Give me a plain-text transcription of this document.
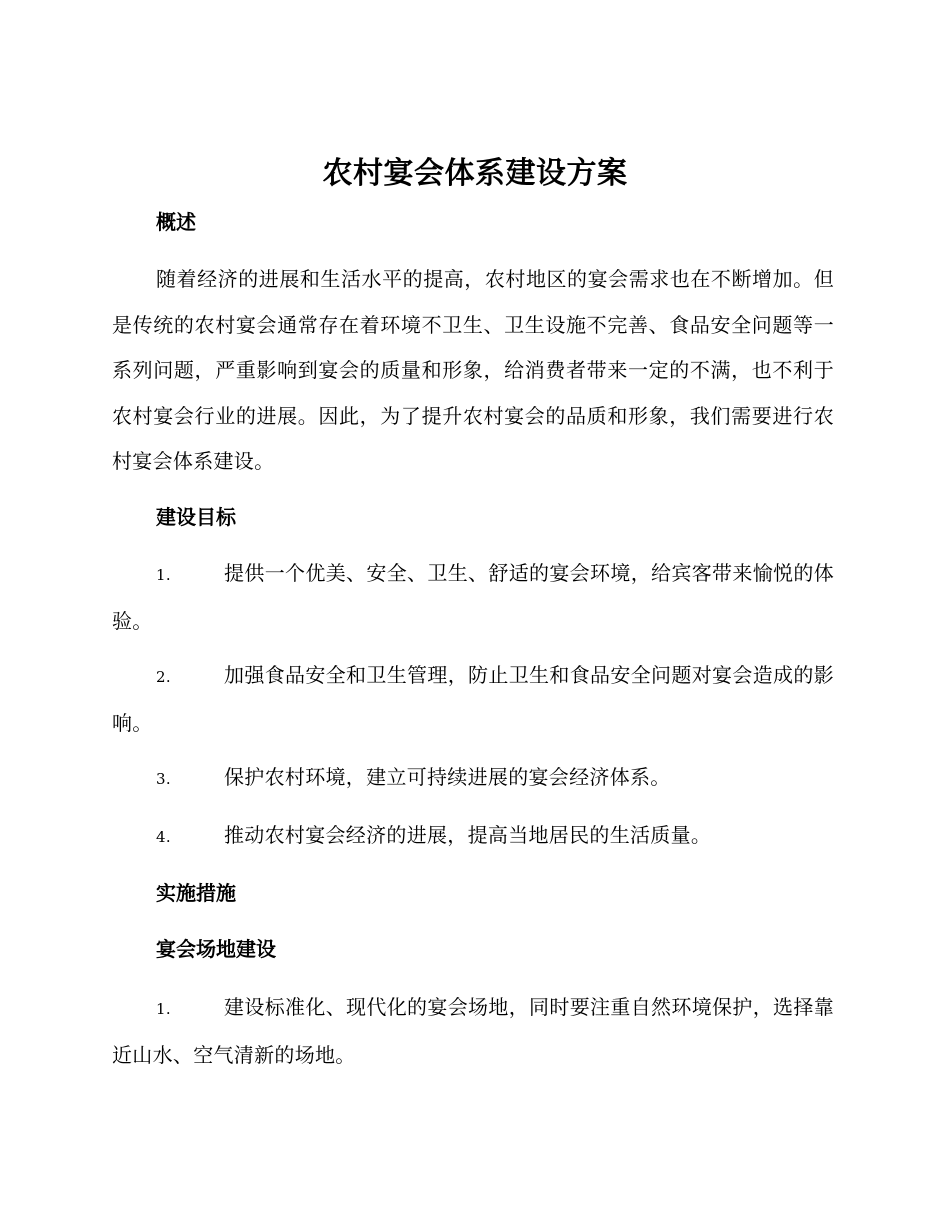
农村宴会体系建设方案
概述

随着经济的进展和生活水平的提高，农村地区的宴会需求也在不断增加。但是传统的农村宴会通常存在着环境不卫生、卫生设施不完善、食品安全问题等一系列问题，严重影响到宴会的质量和形象，给消费者带来一定的不满，也不利于农村宴会行业的进展。因此，为了提升农村宴会的品质和形象，我们需要进行农村宴会体系建设。

建设目标
1.	提供一个优美、安全、卫生、舒适的宴会环境，给宾客带来愉悦的体验。
2.	加强食品安全和卫生管理，防止卫生和食品安全问题对宴会造成的影响。
3.	保护农村环境，建立可持续进展的宴会经济体系。
4.	推动农村宴会经济的进展，提高当地居民的生活质量。
实施措施
宴会场地建设
1.	建设标准化、现代化的宴会场地，同时要注重自然环境保护，选择靠近山水、空气清新的场地。
